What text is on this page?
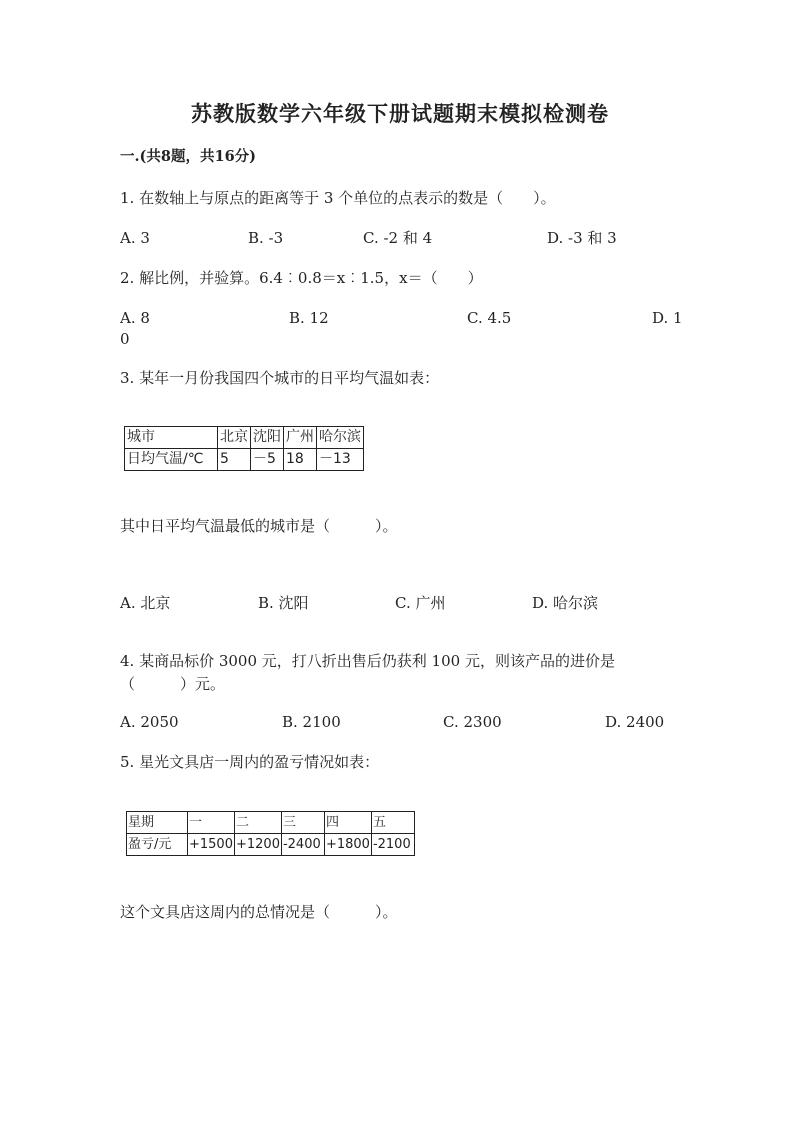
苏教版数学六年级下册试题期末模拟检测卷
一.(共8题，共16分)
1. 在数轴上与原点的距离等于 3 个单位的点表示的数是（　　）。
A. 3	B. -3	C. -2 和 4	D. -3 和 3
2. 解比例，并验算。6.4︰0.8＝x︰1.5，x＝（　　）
A. 8	B. 12	C. 4.5	D. 1
0
3. 某年一月份我国四个城市的日平均气温如表：
城市	北京	沈阳	广州	哈尔滨
日均气温/℃	5	－5	18	－13
其中日平均气温最低的城市是（　　　）。
A. 北京	B. 沈阳	C. 广州	D. 哈尔滨
4. 某商品标价 3000 元，打八折出售后仍获利 100 元，则该产品的进价是
（　　　）元。
A. 2050	B. 2100	C. 2300	D. 2400
5. 星光文具店一周内的盈亏情况如表：
星期	一	二	三	四	五
盈亏/元	+1500	+1200	-2400	+1800	-2100
这个文具店这周内的总情况是（　　　）。
